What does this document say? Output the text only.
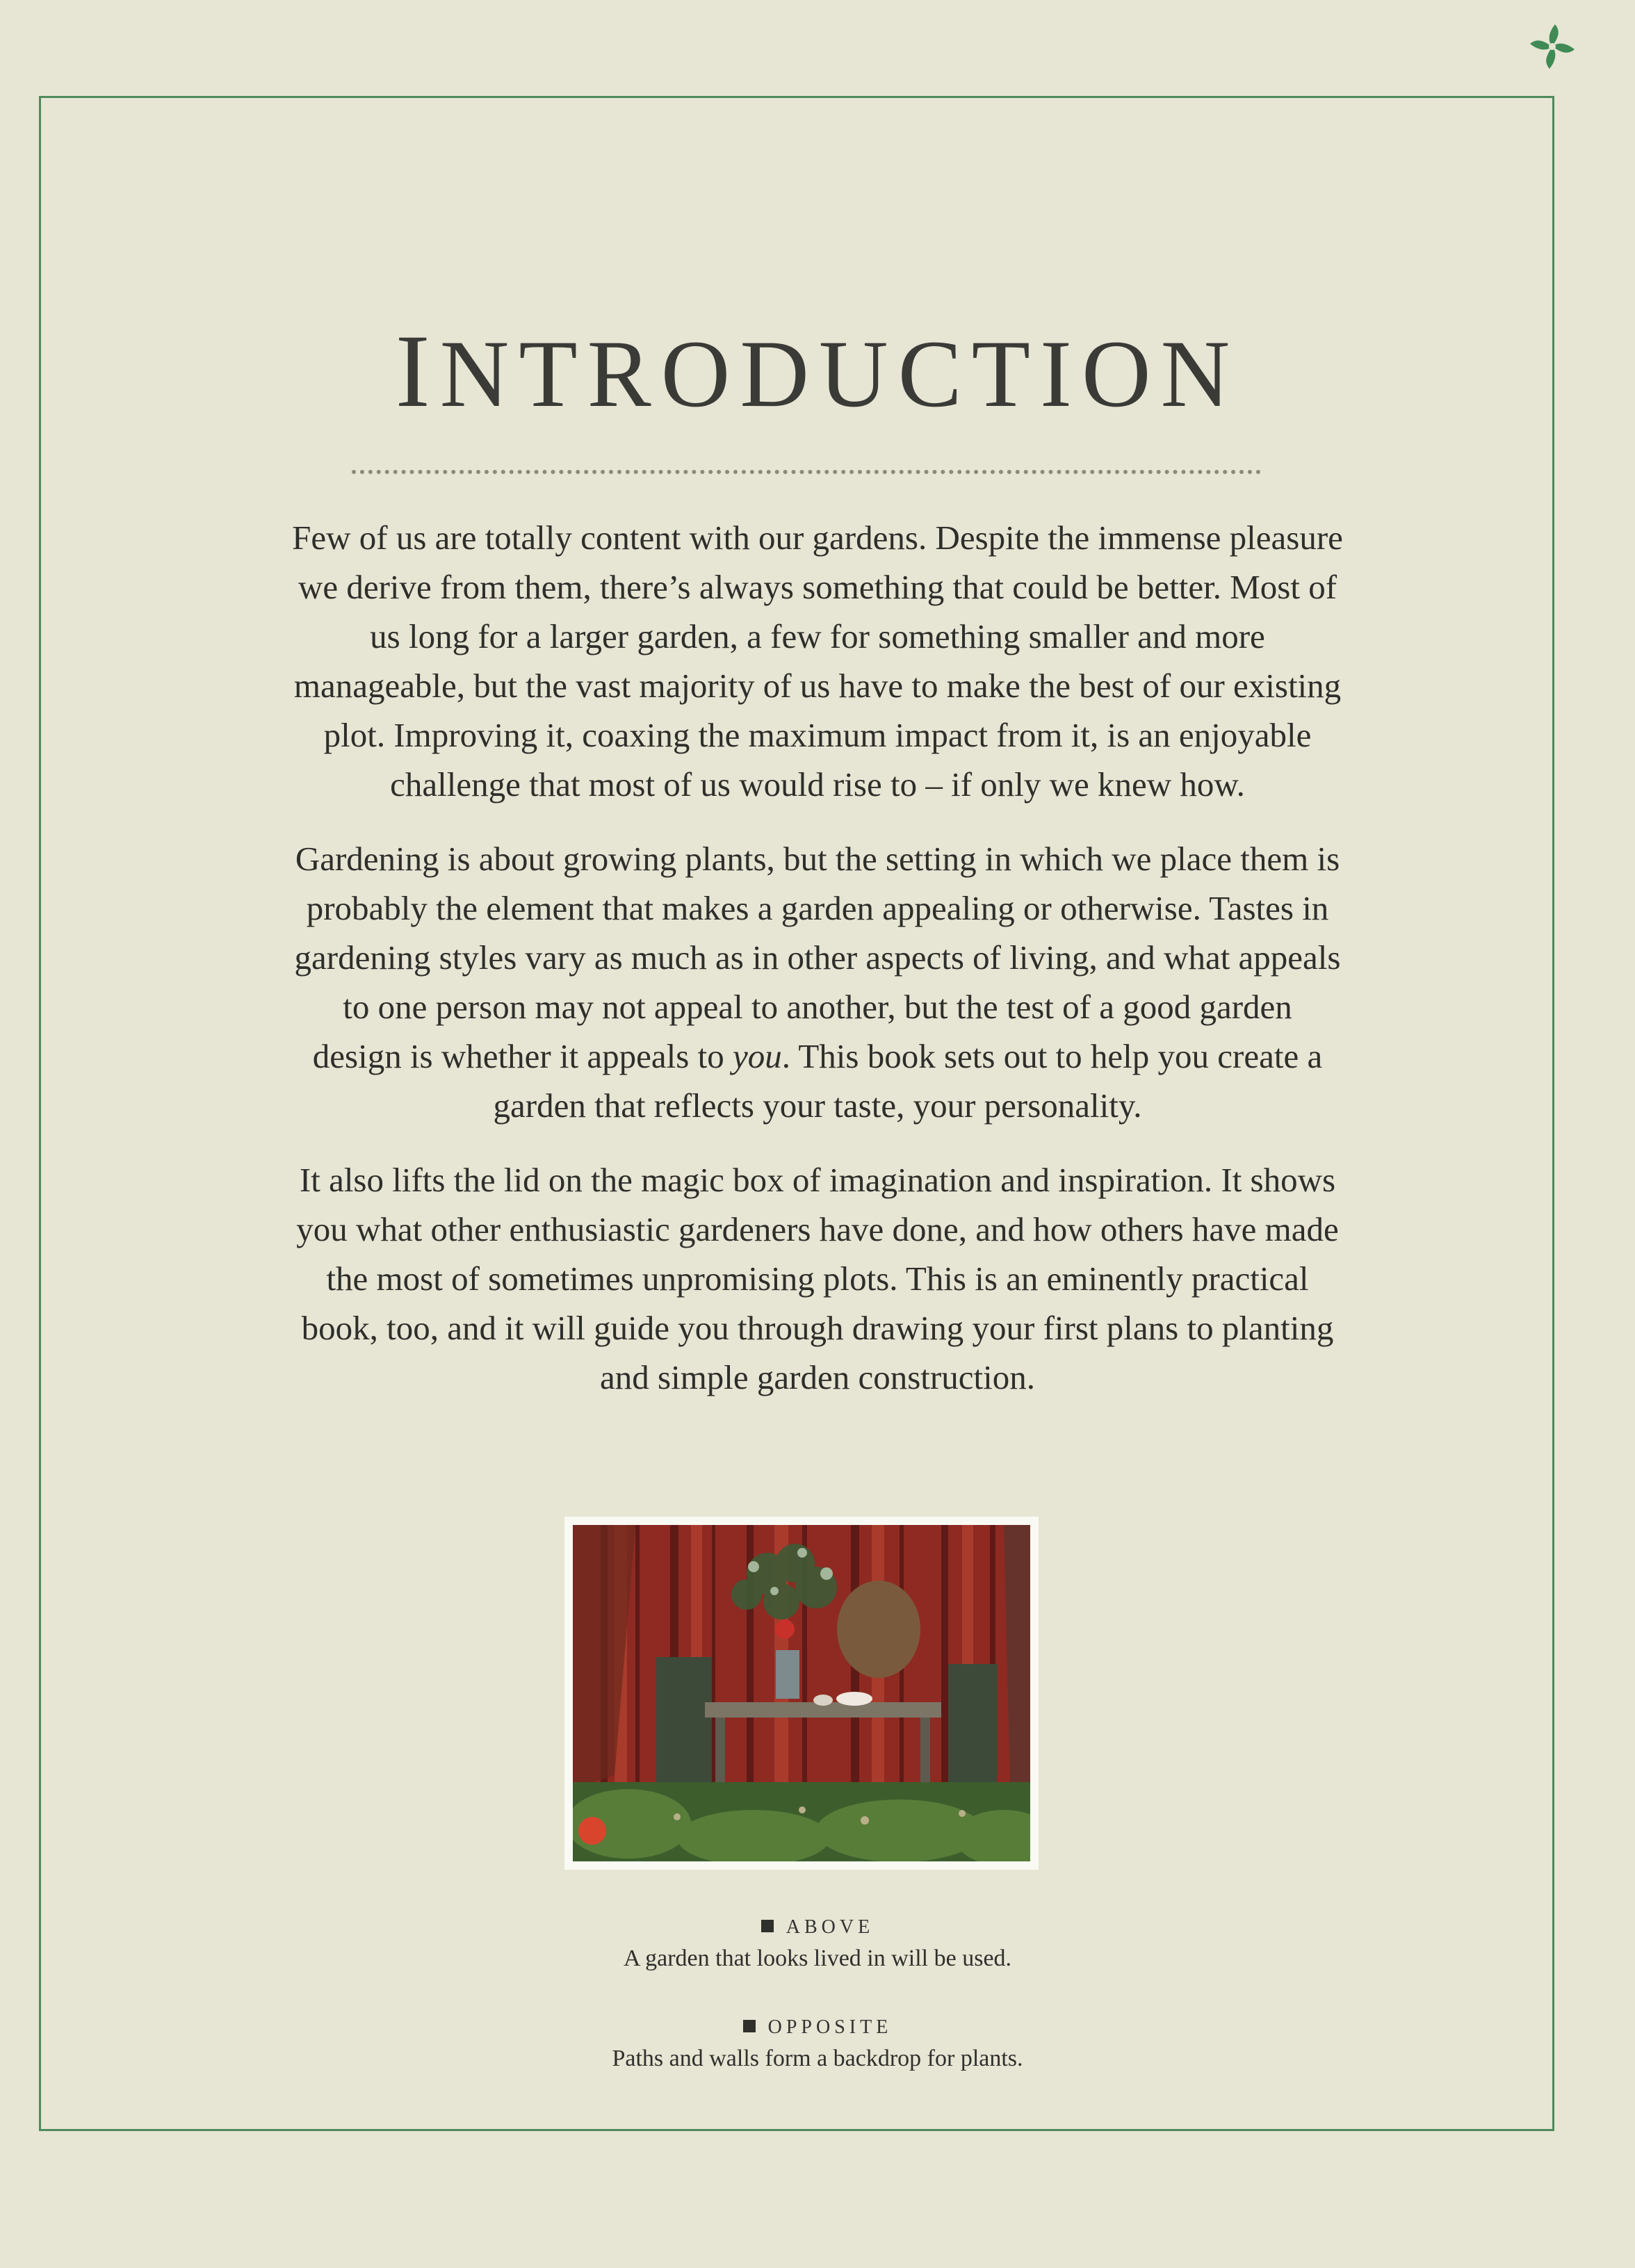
INTRODUCTION

Few of us are totally content with our gardens. Despite the immense pleasure
we derive from them, there’s always something that could be better. Most of
us long for a larger garden, a few for something smaller and more
manageable, but the vast majority of us have to make the best of our existing
plot. Improving it, coaxing the maximum impact from it, is an enjoyable
challenge that most of us would rise to – if only we knew how.

Gardening is about growing plants, but the setting in which we place them is
probably the element that makes a garden appealing or otherwise. Tastes in
gardening styles vary as much as in other aspects of living, and what appeals
to one person may not appeal to another, but the test of a good garden
design is whether it appeals to you. This book sets out to help you create a
garden that reflects your taste, your personality.

It also lifts the lid on the magic box of imagination and inspiration. It shows
you what other enthusiastic gardeners have done, and how others have made
the most of sometimes unpromising plots. This is an eminently practical
book, too, and it will guide you through drawing your first plans to planting
and simple garden construction.

ABOVE
A garden that looks lived in will be used.
OPPOSITE
Paths and walls form a backdrop for plants.
